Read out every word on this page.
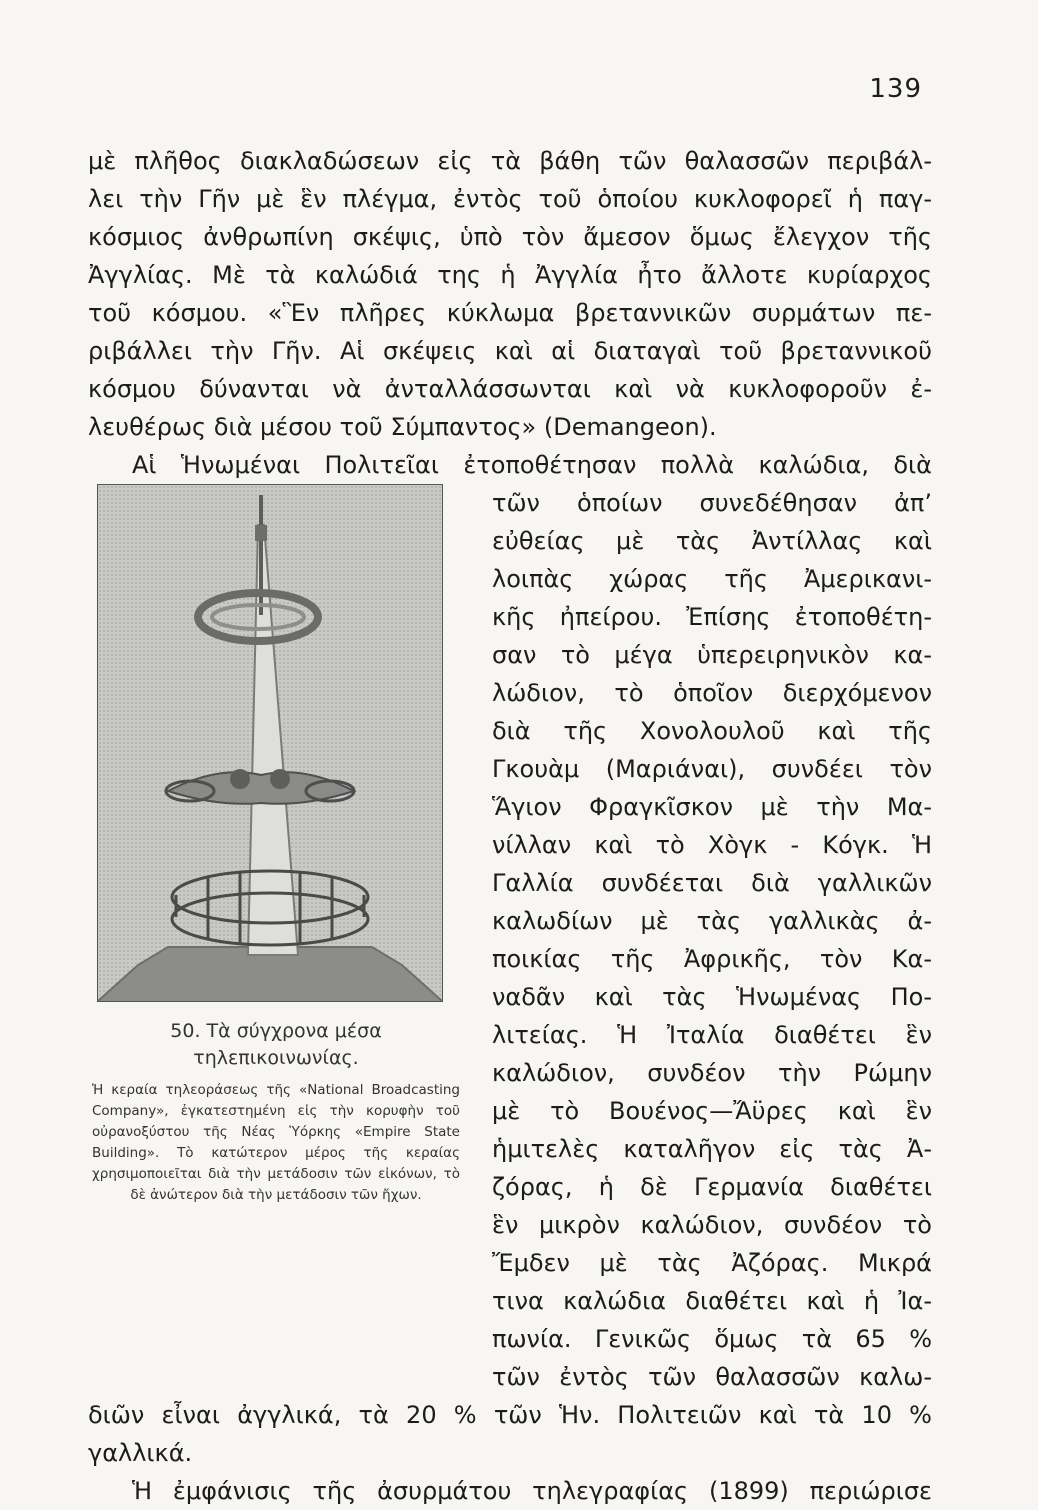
139
μὲ πλῆθος διακλαδώσεων εἰς τὰ βάθη τῶν θαλασσῶν περιβάλ-
λει τὴν Γῆν μὲ ἓν πλέγμα, ἐντὸς τοῦ ὁποίου κυκλοφορεῖ ἡ παγ-
κόσμιος ἀνθρωπίνη σκέψις, ὑπὸ τὸν ἄμεσον ὅμως ἔλεγχον τῆς
Ἀγγλίας. Μὲ τὰ καλώδιά της ἡ Ἀγγλία ἦτο ἄλλοτε κυρίαρχος
τοῦ κόσμου. «Ἓν πλῆρες κύκλωμα βρεταννικῶν συρμάτων πε-
ριβάλλει τὴν Γῆν. Αἱ σκέψεις καὶ αἱ διαταγαὶ τοῦ βρεταννικοῦ
κόσμου δύνανται νὰ ἀνταλλάσσωνται καὶ νὰ κυκλοφοροῦν ἐ-
λευθέρως διὰ μέσου τοῦ Σύμπαντος» (Demangeon).
Αἱ Ἡνωμέναι Πολιτεῖαι ἐτοποθέτησαν πολλὰ καλώδια, διὰ
τῶν ὁποίων συνεδέθησαν ἀπ’
εὐθείας μὲ τὰς Ἀντίλλας καὶ
λοιπὰς χώρας τῆς Ἀμερικανι-
κῆς ἠπείρου. Ἐπίσης ἐτοποθέτη-
σαν τὸ μέγα ὑπερειρηνικὸν κα-
λώδιον, τὸ ὁποῖον διερχόμενον
διὰ τῆς Χονολουλοῦ καὶ τῆς
Γκουὰμ (Μαριάναι), συνδέει τὸν
Ἅγιον Φραγκῖσκον μὲ τὴν Μα-
νίλλαν καὶ τὸ Χὸγκ - Κόγκ. Ἡ
Γαλλία συνδέεται διὰ γαλλικῶν
καλωδίων μὲ τὰς γαλλικὰς ἀ-
ποικίας τῆς Ἀφρικῆς, τὸν Κα-
ναδᾶν καὶ τὰς Ἡνωμένας Πο-
λιτείας. Ἡ Ἰταλία διαθέτει ἓν
καλώδιον, συνδέον τὴν Ρώμην
μὲ τὸ Βουένος—Ἄϋρες καὶ ἓν
ἡμιτελὲς καταλῆγον εἰς τὰς Ἀ-
ζόρας, ἡ δὲ Γερμανία διαθέτει
ἓν μικρὸν καλώδιον, συνδέον τὸ
Ἔμδεν μὲ τὰς Ἀζόρας. Μικρά
τινα καλώδια διαθέτει καὶ ἡ Ἰα-
πωνία. Γενικῶς ὅμως τὰ 65 %
τῶν ἐντὸς τῶν θαλασσῶν καλω-
διῶν εἶναι ἀγγλικά, τὰ 20 % τῶν Ἡν. Πολιτειῶν καὶ τὰ 10 %
γαλλικά.
Ἡ ἐμφάνισις τῆς ἀσυρμάτου τηλεγραφίας (1899) περιώρισε
50. Τὰ σύγχρονα μέσα τηλεπικοινωνίας.
Ἡ κεραία τηλεοράσεως τῆς «National Broadcasting Company», ἐγκατεστημένη εἰς τὴν κορυφὴν τοῦ οὐρανοξύστου τῆς Νέας Ὑόρκης «Empire State Building». Τὸ κατώτερον μέρος τῆς κεραίας χρησιμοποιεῖται διὰ τὴν μετάδοσιν τῶν εἰκόνων, τὸ δὲ ἀνώτερον διὰ τὴν μετάδοσιν τῶν ἤχων.
